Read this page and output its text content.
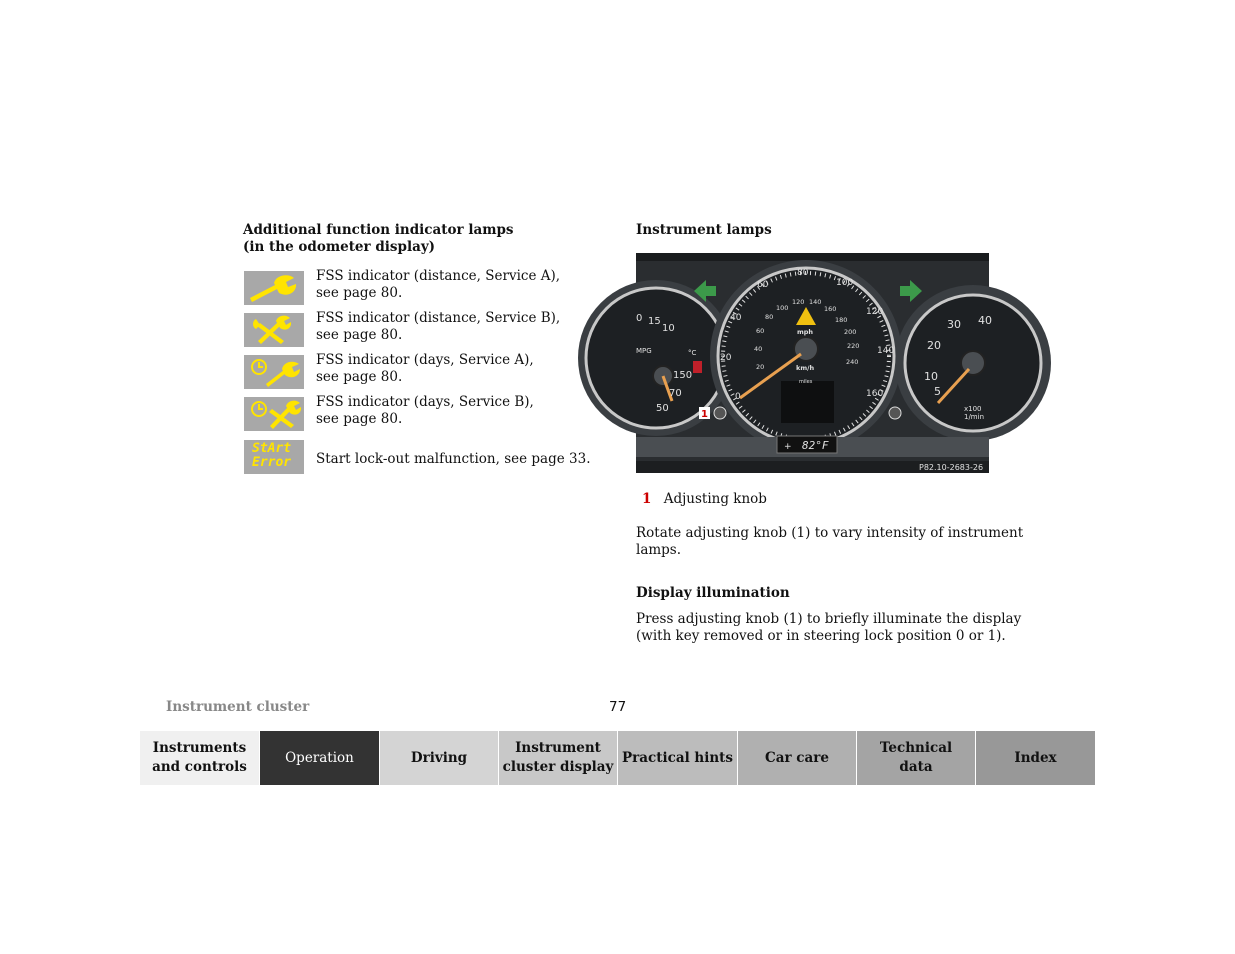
Additional function indicator lamps
(in the odometer display)
FSS indicator (distance, Service A),
see page 80.
FSS indicator (distance, Service B),
see page 80.
FSS indicator (days, Service A),
see page 80.
FSS indicator (days, Service B),
see page 80.
StArt
Error	Start lock-out malfunction, see page 33.
Instrument lamps
0 15
10
150
70
50
MPG	°C
30 40
20
10
5
x100
1/min
0
20
40
60
80
100
120
140
160
20
40
60
80
100
120 140
160
180
200
220
240
mph
km/h
miles
+ 82°F
P82.10-2683-26
1
1 Adjusting knob
Rotate adjusting knob (1) to vary intensity of instrument
lamps.
Display illumination
Press adjusting knob (1) to briefly illuminate the display
(with key removed or in steering lock position 0 or 1).
Instrument cluster	77
Instruments
and controls
Operation	Driving
Instrument
cluster display
Practical hints Car care
Technical
data
Index
